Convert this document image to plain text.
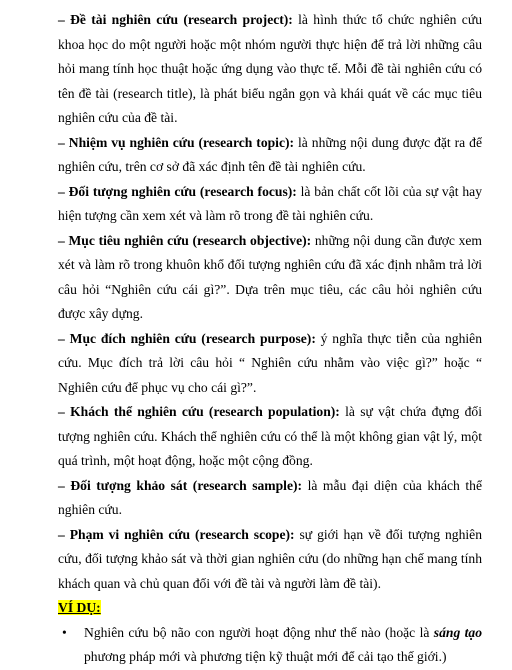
– Đề tài nghiên cứu (research project): là hình thức tổ chức nghiên cứu khoa học do một người hoặc một nhóm người thực hiện để trả lời những câu hỏi mang tính học thuật hoặc ứng dụng vào thực tế. Mỗi đề tài nghiên cứu có tên đề tài (research title), là phát biểu ngắn gọn và khái quát về các mục tiêu nghiên cứu của đề tài.

– Nhiệm vụ nghiên cứu (research topic): là những nội dung được đặt ra để nghiên cứu, trên cơ sở đã xác định tên đề tài nghiên cứu.

– Đối tượng nghiên cứu (research focus): là bản chất cốt lõi của sự vật hay hiện tượng cần xem xét và làm rõ trong đề tài nghiên cứu.

– Mục tiêu nghiên cứu (research objective): những nội dung cần được xem xét và làm rõ trong khuôn khổ đối tượng nghiên cứu đã xác định nhằm trả lời câu hỏi “Nghiên cứu cái gì?”. Dựa trên mục tiêu, các câu hỏi nghiên cứu được xây dựng.

– Mục đích nghiên cứu (research purpose): ý nghĩa thực tiễn của nghiên cứu. Mục đích trả lời câu hỏi “ Nghiên cứu nhằm vào việc gì?” hoặc “ Nghiên cứu để phục vụ cho cái gì?”.

– Khách thể nghiên cứu (research population): là sự vật chứa đựng đối tượng nghiên cứu. Khách thể nghiên cứu có thể là một không gian vật lý, một quá trình, một hoạt động, hoặc một cộng đồng.

– Đối tượng khảo sát (research sample): là mẫu đại diện của khách thể nghiên cứu.

– Phạm vi nghiên cứu (research scope): sự giới hạn về đối tượng nghiên cứu, đối tượng khảo sát và thời gian nghiên cứu (do những hạn chế mang tính khách quan và chủ quan đối với đề tài và người làm đề tài).

VÍ DỤ:

• Nghiên cứu bộ não con người hoạt động như thế nào (hoặc là sáng tạo phương pháp mới và phương tiện kỹ thuật mới để cải tạo thế giới.)
